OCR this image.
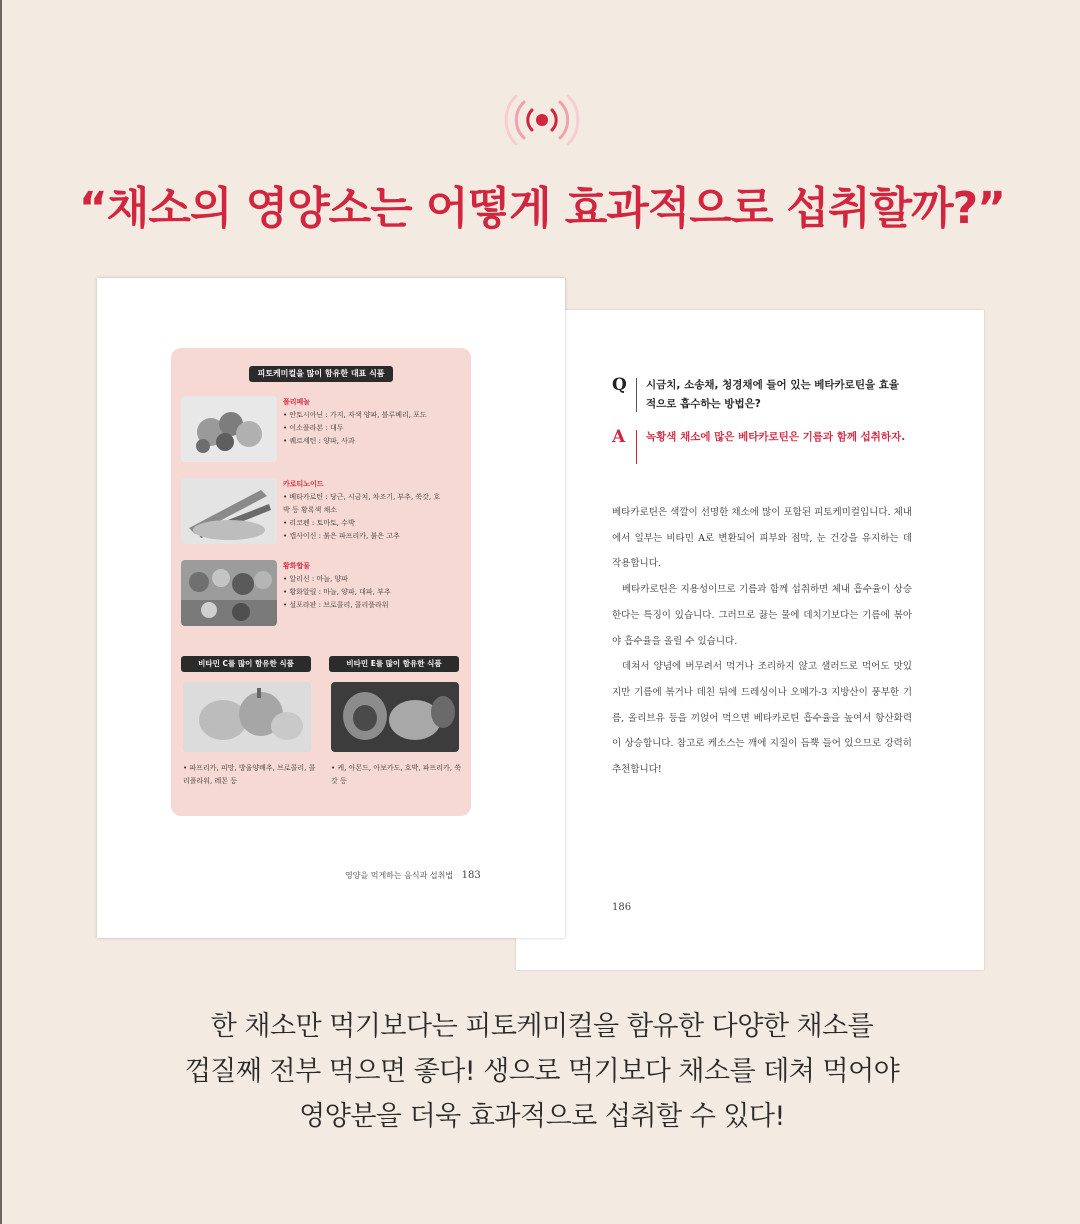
“채소의 영양소는 어떻게 효과적으로 섭취할까?”
Q 시금치, 소송채, 청경채에 들어 있는 베타카로틴을 효율적으로 흡수하는 방법은?
A 녹황색 채소에 많은 베타카로틴은 기름과 함께 섭취하자.

베타카로틴은 색깔이 선명한 채소에 많이 포함된 피토케미컬입니다. 체내에서 일부는 비타민 A로 변환되어 피부와 점막, 눈 건강을 유지하는 데 작용합니다.

베타카로틴은 지용성이므로 기름과 함께 섭취하면 체내 흡수율이 상승한다는 특징이 있습니다. 그러므로 끓는 물에 데치기보다는 기름에 볶아야 흡수율을 올릴 수 있습니다.

데쳐서 양념에 버무려서 먹거나 조리하지 않고 샐러드로 먹어도 맛있지만 기름에 볶거나 데친 뒤에 드레싱이나 오메가-3 지방산이 풍부한 기름, 올리브유 등을 끼얹어 먹으면 베타카로틴 흡수율을 높여서 항산화력이 상승합니다. 참고로 케소스는 깨에 지질이 듬뿍 들어 있으므로 강력히 추천합니다!

186
피토케미컬을 많이 함유한 대표 식품
폴리페놀
• 안토시아닌 : 가지, 자색 양파, 블루베리, 포도
• 이소플라본 : 대두
• 퀘르세틴 : 양파, 사과
카로티노이드
• 베타카로틴 : 당근, 시금치, 차조기, 부추, 쑥갓, 호
박 등 황록색 채소
• 리코펜 : 토마토, 수박
• 캡사이신 : 붉은 파프리카, 붉은 고추
황화합물
• 알리신 : 마늘, 양파
• 황화알릴 : 마늘, 양파, 대파, 부추
• 설포라판 : 브로콜리, 콜리플라워
비타민 C를 많이 함유한 식품	비타민 E를 많이 함유한 식품
• 파프리카, 피망, 방울양배추, 브로콜리, 콜리플라워, 레몬 등
• 케, 아몬드, 아보카도, 호박, 파프리카, 쑥갓 등
영양을 먹게하는 음식과 섭취법 183
한 채소만 먹기보다는 피토케미컬을 함유한 다양한 채소를
껍질째 전부 먹으면 좋다! 생으로 먹기보다 채소를 데쳐 먹어야
영양분을 더욱 효과적으로 섭취할 수 있다!
